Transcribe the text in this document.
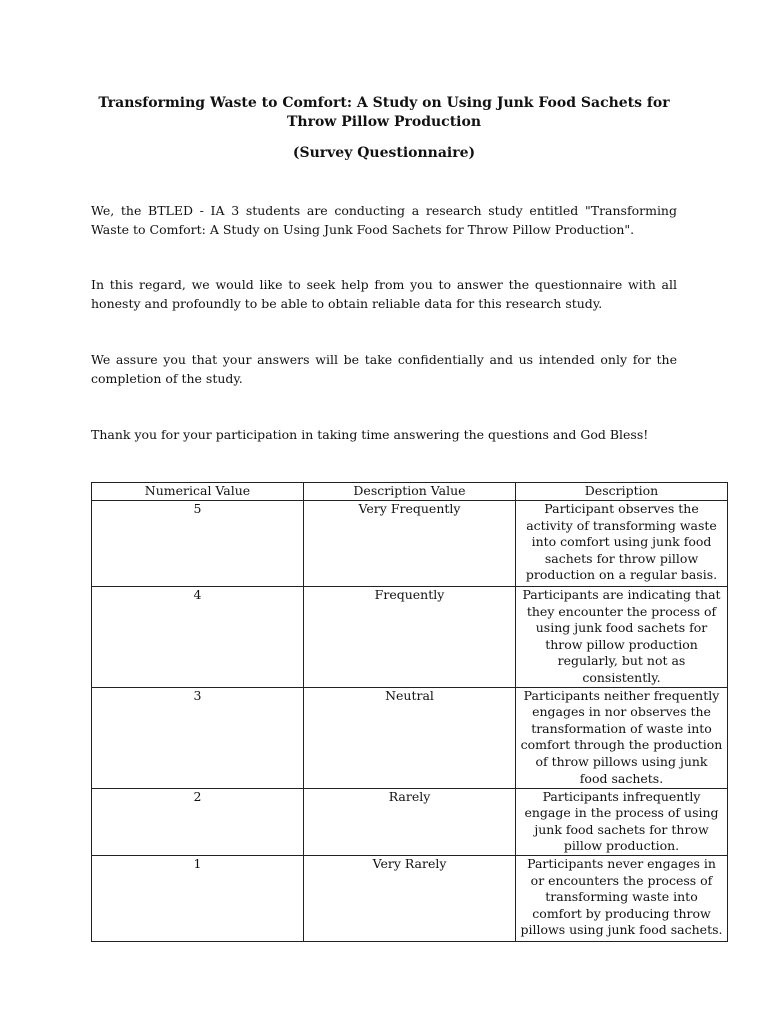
Transforming Waste to Comfort: A Study on Using Junk Food Sachets for Throw Pillow Production
(Survey Questionnaire)
We, the BTLED - IA 3 students are conducting a research study entitled "Transforming Waste to Comfort: A Study on Using Junk Food Sachets for Throw Pillow Production".
In this regard, we would like to seek help from you to answer the questionnaire with all honesty and profoundly to be able to obtain reliable data for this research study.
We assure you that your answers will be take confidentially and us intended only for the completion of the study.
Thank you for your participation in taking time answering the questions and God Bless!
Numerical Value	Description Value	Description
5	Very Frequently	Participant observes the activity of transforming waste into comfort using junk food sachets for throw pillow production on a regular basis.
4	Frequently	Participants are indicating that they encounter the process of using junk food sachets for throw pillow production regularly, but not as consistently.
3	Neutral	Participants neither frequently engages in nor observes the transformation of waste into comfort through the production of throw pillows using junk food sachets.
2	Rarely	Participants infrequently engage in the process of using junk food sachets for throw pillow production.
1	Very Rarely	Participants never engages in or encounters the process of transforming waste into comfort by producing throw pillows using junk food sachets.
